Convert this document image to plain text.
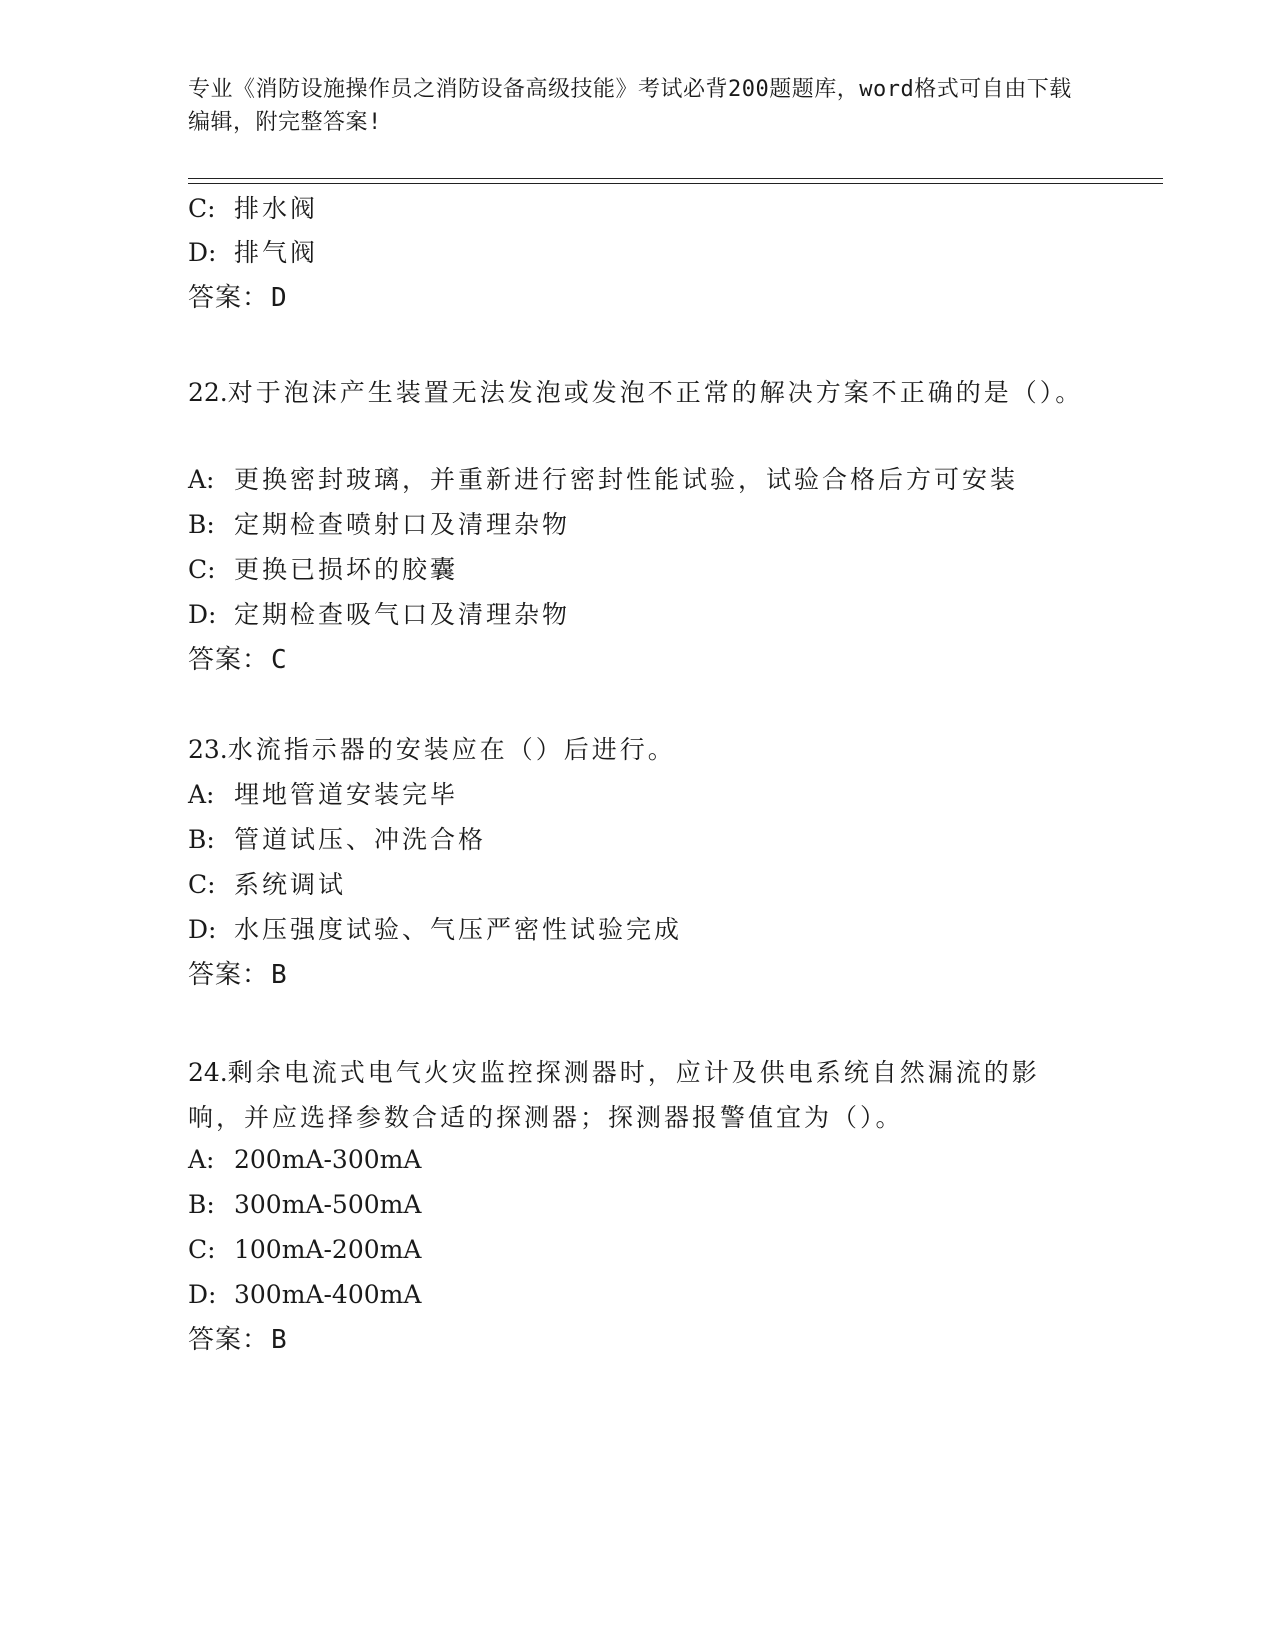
专业《消防设施操作员之消防设备高级技能》考试必背200题题库，word格式可自由下载编辑，附完整答案!
C: 排水阀
D: 排气阀
答案：D
22.对于泡沫产生装置无法发泡或发泡不正常的解决方案不正确的是（）。
A: 更换密封玻璃，并重新进行密封性能试验，试验合格后方可安装
B: 定期检查喷射口及清理杂物
C: 更换已损坏的胶囊
D: 定期检查吸气口及清理杂物
答案：C
23.水流指示器的安装应在（）后进行。
A: 埋地管道安装完毕
B: 管道试压、冲洗合格
C: 系统调试
D: 水压强度试验、气压严密性试验完成
答案：B
24.剩余电流式电气火灾监控探测器时，应计及供电系统自然漏流的影响，并应选择参数合适的探测器；探测器报警值宜为（）。
A: 200mA-300mA
B: 300mA-500mA
C: 100mA-200mA
D: 300mA-400mA
答案：B
